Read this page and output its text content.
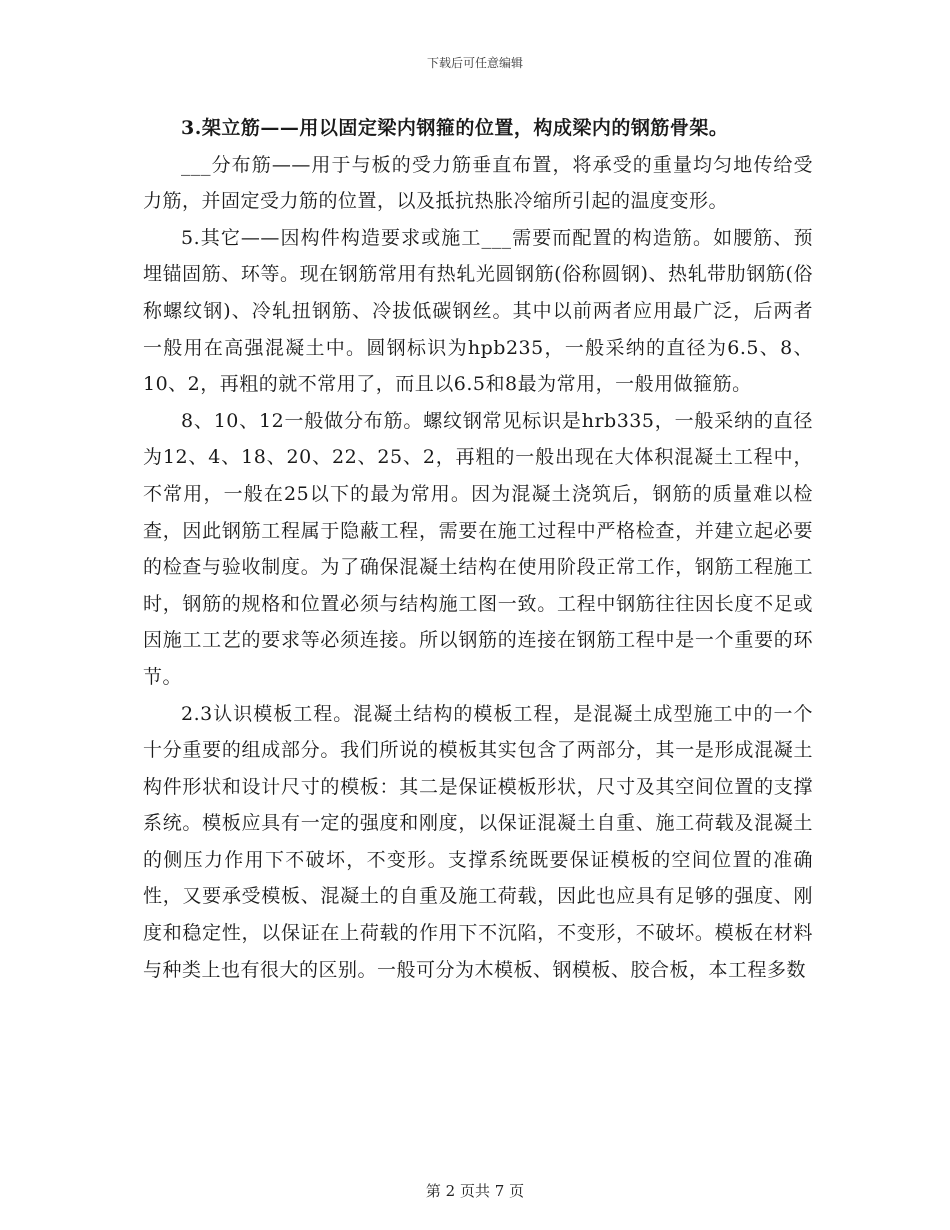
下载后可任意编辑

3.架立筋——用以固定梁内钢箍的位置，构成梁内的钢筋骨架。

___分布筋——用于与板的受力筋垂直布置，将承受的重量均匀地传给受力筋，并固定受力筋的位置，以及抵抗热胀冷缩所引起的温度变形。

5.其它——因构件构造要求或施工___需要而配置的构造筋。如腰筋、预埋锚固筋、环等。现在钢筋常用有热轧光圆钢筋(俗称圆钢)、热轧带肋钢筋(俗称螺纹钢)、冷轧扭钢筋、冷拔低碳钢丝。其中以前两者应用最广泛，后两者一般用在高强混凝土中。圆钢标识为hpb235，一般采纳的直径为6.5、8、10、2，再粗的就不常用了，而且以6.5和8最为常用，一般用做箍筋。

8、10、12一般做分布筋。螺纹钢常见标识是hrb335，一般采纳的直径为12、4、18、20、22、25、2，再粗的一般出现在大体积混凝土工程中，不常用，一般在25以下的最为常用。因为混凝土浇筑后，钢筋的质量难以检查，因此钢筋工程属于隐蔽工程，需要在施工过程中严格检查，并建立起必要的检查与验收制度。为了确保混凝土结构在使用阶段正常工作，钢筋工程施工时，钢筋的规格和位置必须与结构施工图一致。工程中钢筋往往因长度不足或因施工工艺的要求等必须连接。所以钢筋的连接在钢筋工程中是一个重要的环节。

2.3认识模板工程。混凝土结构的模板工程，是混凝土成型施工中的一个十分重要的组成部分。我们所说的模板其实包含了两部分，其一是形成混凝土构件形状和设计尺寸的模板：其二是保证模板形状，尺寸及其空间位置的支撑系统。模板应具有一定的强度和刚度，以保证混凝土自重、施工荷载及混凝土的侧压力作用下不破坏，不变形。支撑系统既要保证模板的空间位置的准确性，又要承受模板、混凝土的自重及施工荷载，因此也应具有足够的强度、刚度和稳定性，以保证在上荷载的作用下不沉陷，不变形，不破坏。模板在材料与种类上也有很大的区别。一般可分为木模板、钢模板、胶合板，本工程多数

第 2 页共 7 页
